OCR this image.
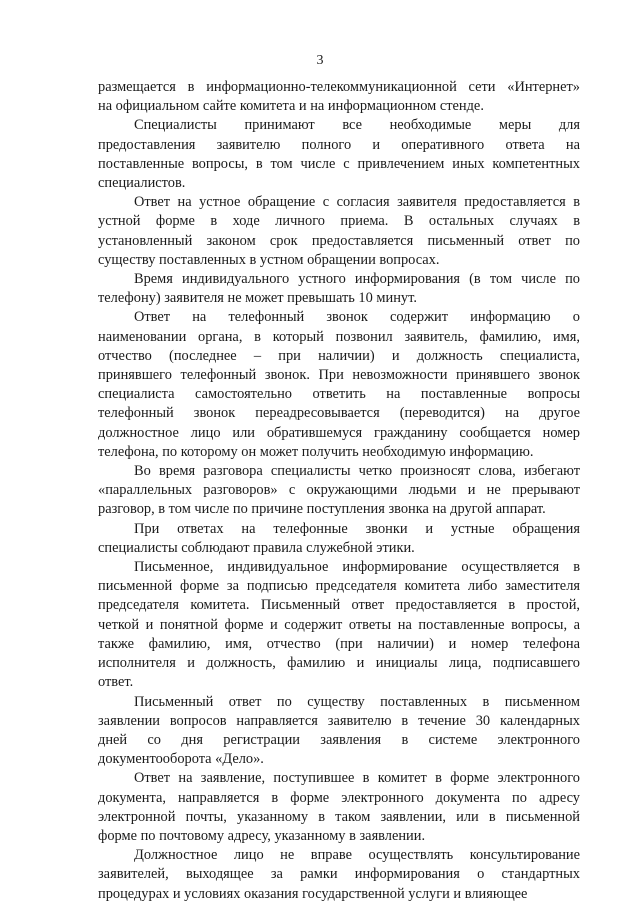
3

размещается в информационно-телекоммуникационной сети «Интернет»
на официальном сайте комитета и на информационном стенде.

Специалисты принимают все необходимые меры для
предоставления заявителю полного и оперативного ответа на
поставленные вопросы, в том числе с привлечением иных компетентных
специалистов.

Ответ на устное обращение с согласия заявителя предоставляется в
устной форме в ходе личного приема. В остальных случаях в
установленный законом срок предоставляется письменный ответ по
существу поставленных в устном обращении вопросах.

Время индивидуального устного информирования (в том числе по
телефону) заявителя не может превышать 10 минут.

Ответ на телефонный звонок содержит информацию о
наименовании органа, в который позвонил заявитель, фамилию, имя,
отчество (последнее – при наличии) и должность специалиста,
принявшего телефонный звонок. При невозможности принявшего звонок
специалиста самостоятельно ответить на поставленные вопросы
телефонный звонок переадресовывается (переводится) на другое
должностное лицо или обратившемуся гражданину сообщается номер
телефона, по которому он может получить необходимую информацию.

Во время разговора специалисты четко произносят слова, избегают
«параллельных разговоров» с окружающими людьми и не прерывают
разговор, в том числе по причине поступления звонка на другой аппарат.

При ответах на телефонные звонки и устные обращения
специалисты соблюдают правила служебной этики.

Письменное, индивидуальное информирование осуществляется в
письменной форме за подписью председателя комитета либо заместителя
председателя комитета. Письменный ответ предоставляется в простой,
четкой и понятной форме и содержит ответы на поставленные вопросы, а
также фамилию, имя, отчество (при наличии) и номер телефона
исполнителя и должность, фамилию и инициалы лица, подписавшего
ответ.

Письменный ответ по существу поставленных в письменном
заявлении вопросов направляется заявителю в течение 30 календарных
дней со дня регистрации заявления в системе электронного
документооборота «Дело».

Ответ на заявление, поступившее в комитет в форме электронного
документа, направляется в форме электронного документа по адресу
электронной почты, указанному в таком заявлении, или в письменной
форме по почтовому адресу, указанному в заявлении.

Должностное лицо не вправе осуществлять консультирование
заявителей, выходящее за рамки информирования о стандартных
процедурах и условиях оказания государственной услуги и влияющее
